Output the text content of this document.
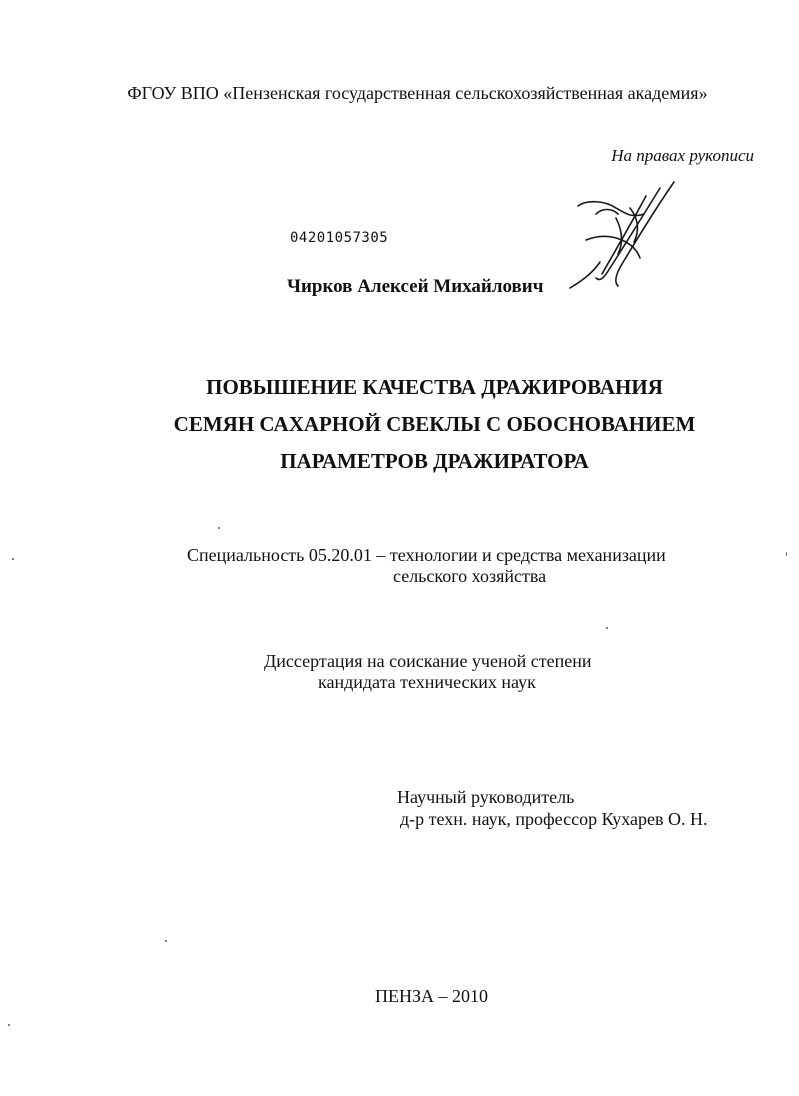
ФГОУ ВПО «Пензенская государственная сельскохозяйственная академия»
На правах рукописи
04201057305
Чирков Алексей Михайлович
ПОВЫШЕНИЕ КАЧЕСТВА ДРАЖИРОВАНИЯ
СЕМЯН САХАРНОЙ СВЕКЛЫ С ОБОСНОВАНИЕМ
ПАРАМЕТРОВ ДРАЖИРАТОРА
Специальность 05.20.01 – технологии и средства механизации
сельского хозяйства
Диссертация на соискание ученой степени
кандидата технических наук
Научный руководитель
д-р техн. наук, профессор Кухарев О. Н.
ПЕНЗА – 2010
